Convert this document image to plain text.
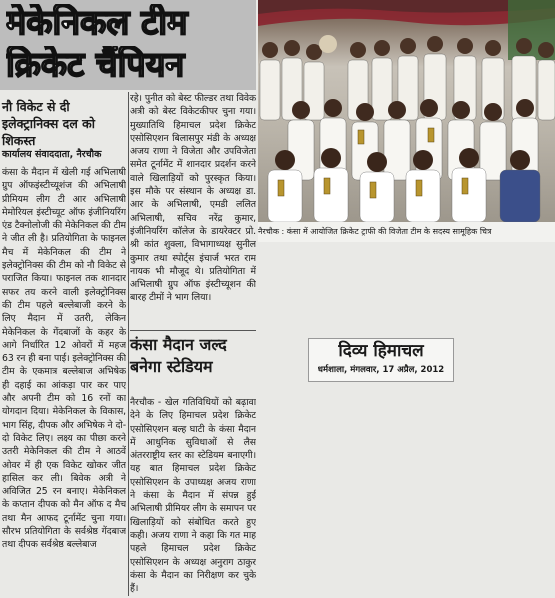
मेकेनिकल टीम
क्रिकेट चैंपियन
नैरचौक : कंसा में आयोजित क्रिकेट ट्राफी की विजेता टीम के सदस्य सामूहिक चित्र
नौ विकेट से दी इलेक्ट्रानिक्स दल को शिकस्त
कार्यालय संवाददाता, नैरचौक
कंसा के मैदान में खेली गई अभिलाषी ग्रुप ऑफइंस्टीच्यूशंज की अभिलाषी प्रीमियम लीग टी आर अभिलाषी मेमोरियल इंस्टीच्यूट ऑफ इंजीनियरिंग एंड टैक्नोलोजी की मेकेनिकल की टीम ने जीत ली है। प्रतियोगिता के फाइनल मैच में मेकेनिकल की टीम ने इलेक्ट्रोनिक्स की टीम को नौ विकेट से पराजित किया। फाइनल तक शानदार सफर तय करने वाली इलेक्ट्रोनिक्स की टीम पहले बल्लेबाजी करने के लिए मैदान में उतरी, लेकिन मेकेनिकल के गेंदबाजों के कहर के आगे निर्धारित 12 ओवरों में महज 63 रन ही बना पाई। इलेक्ट्रोनिक्स की टीम के एकमात्र बल्लेबाज अभिषेक ही दहाई का आंकड़ा पार कर पाए और अपनी टीम को 16 रनों का योगदान दिया। मेकेनिकल के विकास, भाग सिंह, दीपक और अभिषेक ने दो-दो विकेट लिए। लक्ष्य का पीछा करने उतरी मेकेनिकल की टीम ने आठवें ओवर में ही एक विकेट खोकर जीत हासिल कर ली। बिवेक अत्री ने अविजित 25 रन बनाए। मेकेनिकल के कप्तान दीपक को मैन ऑफ द मैच तथा मैन आफद टूर्नामेंट चुना गया। सौरभ प्रतियोगिता के सर्वश्रेष्ठ गेंदबाज तथा दीपक सर्वश्रेष्ठ बल्लेबाज
रहे। पुनीत को बेस्ट फील्डर तथा विवेक अत्री को बेस्ट विकेटकीपर चुना गया। मुख्यातिथि हिमाचल प्रदेश क्रिकेट एसोसिएशन बिलासपुर मंडी के अध्यक्ष अजय राणा ने विजेता और उपविजेता समेत टूर्नामेंट में शानदार प्रदर्शन करने वाले खिलाड़ियों को पुरस्कृत किया। इस मौके पर संस्थान के अध्यक्ष डा. आर के अभिलाषी, एमडी ललित अभिलाषी, सचिव नरेंद्र कुमार, इंजीनियरिंग कॉलेज के डायरेक्टर प्रो. श्री कांत शुक्ला, विभागाध्यक्ष सुनील कुमार तथा स्पोर्ट्स इंचार्ज भरत राम नायक भी मौजूद थे। प्रतियोगिता में अभिलाषी ग्रुप ऑफ इंस्टीच्यूशन की बारह टीमों ने भाग लिया।
कंसा मैदान जल्द बनेगा स्टेडियम
नैरचौक - खेल गतिविधियों को बढ़ावा देने के लिए हिमाचल प्रदेश क्रिकेट एसोसिएशन बल्ह घाटी के कंसा मैदान में आधुनिक सुविधाओं से लैस अंतरराष्ट्रीय स्तर का स्टेडियम बनाएगी। यह बात हिमाचल प्रदेश क्रिकेट एसोसिएशन के उपाध्यक्ष अजय राणा ने कंसा के मैदान में संपन्न हुई अभिलाषी प्रीमियर लीग के समापन पर खिलाड़ियों को संबोधित करते हुए कही। अजय राणा ने कहा कि गत माह पहले हिमाचल प्रदेश क्रिकेट एसोसिएशन के अध्यक्ष अनुराग ठाकुर कंसा के मैदान का निरीक्षण कर चुके हैं।
दिव्य हिमाचल
धर्मशाला, मंगलवार, 17 अप्रैल, 2012
